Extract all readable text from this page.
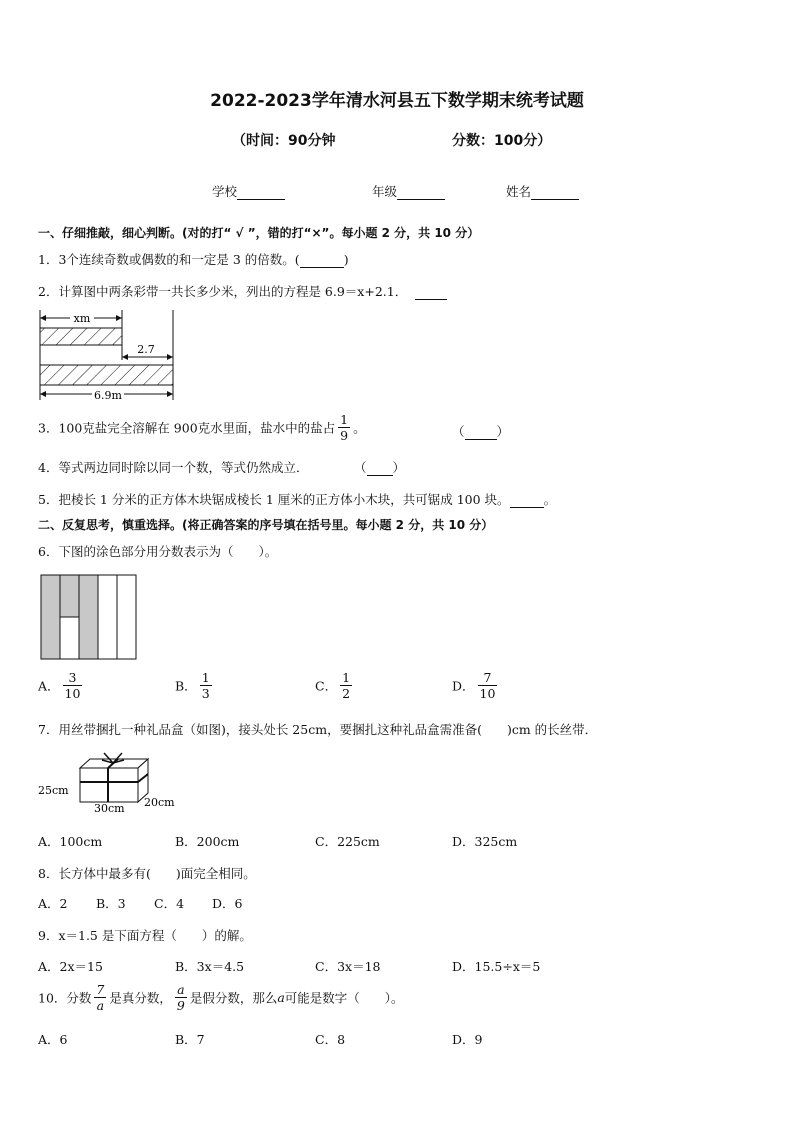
2022-2023学年清水河县五下数学期末统考试题
（时间：90分钟	分数：100分）
学校	年级	姓名
一、仔细推敲，细心判断。(对的打“ √ ”，错的打“×”。每小题 2 分，共 10 分）
1．3个连续奇数或偶数的和一定是 3 的倍数。(	)
2．计算图中两条彩带一共长多少米，列出的方程是 6.9＝x+2.1．
xm
2.7
6.9m
3．100克盐完全溶解在 900克水里面，盐水中的盐占 $\frac{1}{9}$ 。	（	）
4．等式两边同时除以同一个数，等式仍然成立．	（ ）
5．把棱长 1 分米的正方体木块锯成棱长 1 厘米的正方体小木块，共可锯成 100 块。	。
二、反复思考，慎重选择。(将正确答案的序号填在括号里。每小题 2 分，共 10 分）
6．下图的涂色部分用分数表示为（　　）。
A． $\frac{3}{10}$	B． $\frac{1}{3}$	C． $\frac{1}{2}$	D． $\frac{7}{10}$
7．用丝带捆扎一种礼品盒（如图)，接头处长 25cm，要捆扎这种礼品盒需准备(　　)cm 的长丝带．
25cm
30cm 20cm
A．100cm	B．200cm	C．225cm	D．325cm
8．长方体中最多有(　　)面完全相同。
A．2 B．3 C．4 D．6
9．x＝1.5 是下面方程（　　）的解。
A．2x＝15	B．3x＝4.5	C．3x＝18	D．15.5÷x＝5
10．分数 $\frac{7}{a}$ 是真分数， $\frac{a}{9}$ 是假分数，那么a可能是数字（　　）。
A．6	B．7	C．8	D．9
